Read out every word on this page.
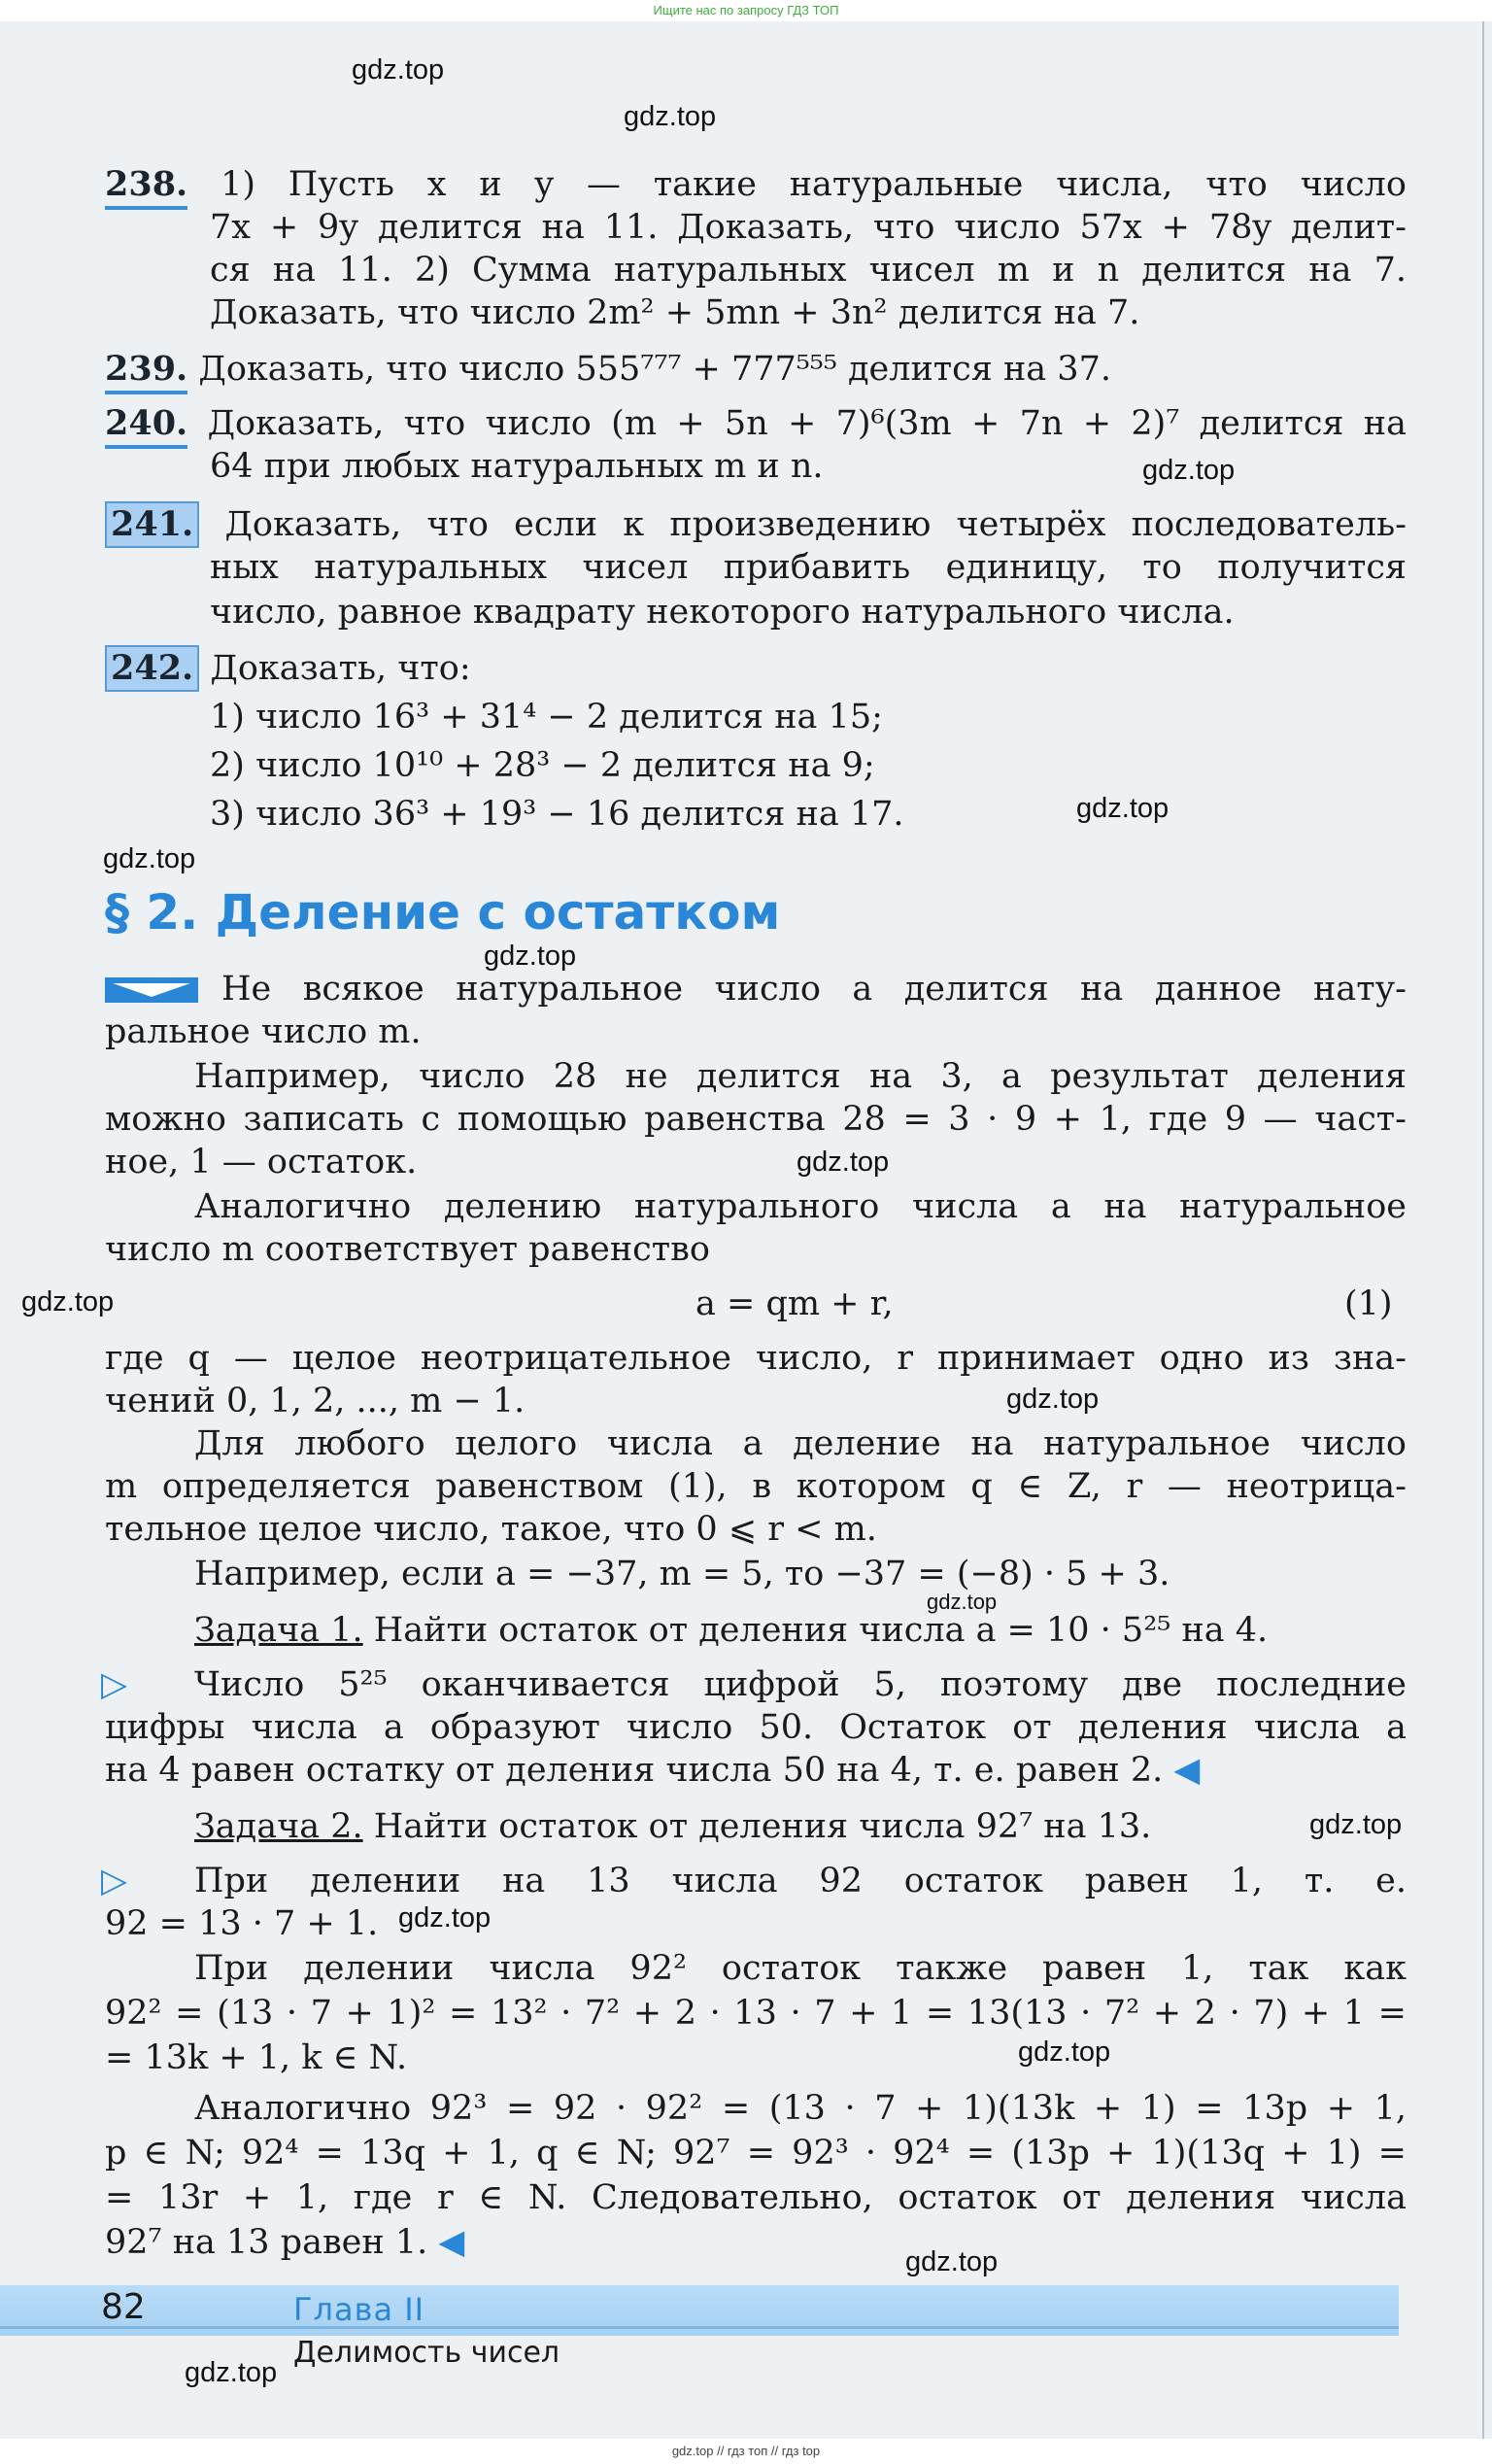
Ищите нас по запросу ГДЗ ТОП
gdz.top
gdz.top
gdz.top
gdz.top
gdz.top
gdz.top
gdz.top
gdz.top
gdz.top
gdz.top
gdz.top
gdz.top
gdz.top
gdz.top
gdz.top
238. 1) Пусть x и y — такие натуральные числа, что число
7x + 9y делится на 11. Доказать, что число 57x + 78y делит-
ся на 11. 2) Сумма натуральных чисел m и n делится на 7.
Доказать, что число 2m² + 5mn + 3n² делится на 7.
239. Доказать, что число 555⁷⁷⁷ + 777⁵⁵⁵ делится на 37.
240. Доказать, что число (m + 5n + 7)⁶(3m + 7n + 2)⁷ делится на
64 при любых натуральных m и n.
241. Доказать, что если к произведению четырёх последователь-
ных натуральных чисел прибавить единицу, то получится
число, равное квадрату некоторого натурального числа.
242. Доказать, что:
1) число 16³ + 31⁴ − 2 делится на 15;
2) число 10¹⁰ + 28³ − 2 делится на 9;
3) число 36³ + 19³ − 16 делится на 17.
§ 2. Деление с остатком
Не всякое натуральное число a делится на данное нату-
ральное число m.
Например, число 28 не делится на 3, а результат деления
можно записать с помощью равенства 28 = 3 · 9 + 1, где 9 — част-
ное, 1 — остаток.
Аналогично делению натурального числа a на натуральное
число m соответствует равенство
a = qm + r,	(1)
где q — целое неотрицательное число, r принимает одно из зна-
чений 0, 1, 2, ..., m − 1.
Для любого целого числа a деление на натуральное число
m определяется равенством (1), в котором q ∈ Z, r — неотрица-
тельное целое число, такое, что 0 ⩽ r < m.
Например, если a = −37, m = 5, то −37 = (−8) · 5 + 3.
Задача 1. Найти остаток от деления числа a = 10 · 5²⁵ на 4.
▷	Число 5²⁵ оканчивается цифрой 5, поэтому две последние
цифры числа a образуют число 50. Остаток от деления числа a
на 4 равен остатку от деления числа 50 на 4, т. е. равен 2. ◀
Задача 2. Найти остаток от деления числа 92⁷ на 13.
▷	При делении на 13 числа 92 остаток равен 1, т. е.
92 = 13 · 7 + 1.
При делении числа 92² остаток также равен 1, так как
92² = (13 · 7 + 1)² = 13² · 7² + 2 · 13 · 7 + 1 = 13(13 · 7² + 2 · 7) + 1 =
= 13k + 1, k ∈ N.
Аналогично 92³ = 92 · 92² = (13 · 7 + 1)(13k + 1) = 13p + 1,
p ∈ N; 92⁴ = 13q + 1, q ∈ N; 92⁷ = 92³ · 92⁴ = (13p + 1)(13q + 1) =
= 13r + 1, где r ∈ N. Следовательно, остаток от деления числа
92⁷ на 13 равен 1. ◀
82	Глава II
Делимость чисел
gdz.top // гдз топ // гдз top
